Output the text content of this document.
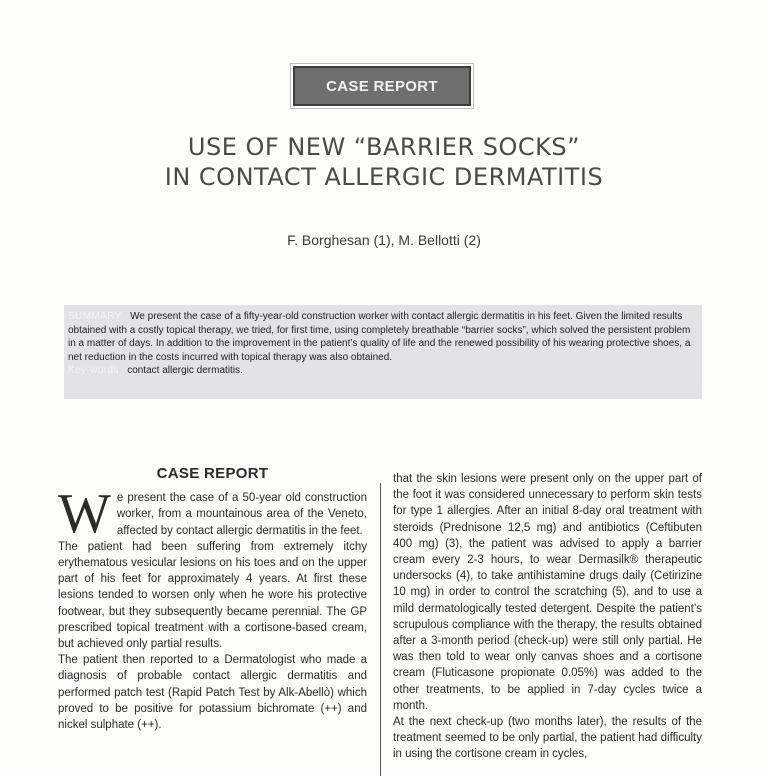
CASE REPORT
USE OF NEW “BARRIER SOCKS”
IN CONTACT ALLERGIC DERMATITIS
F. Borghesan (1), M. Bellotti (2)
SUMMARY We present the case of a fifty-year-old construction worker with contact allergic dermatitis in his feet. Given the limited results obtained with a costly topical therapy, we tried, for first time, using completely breathable “barrier socks”, which solved the persistent problem in a matter of days. In addition to the improvement in the patient’s quality of life and the renewed possibility of his wearing protective shoes, a net reduction in the costs incurred with topical therapy was also obtained.
Key-words contact allergic dermatitis.
CASE REPORT

We present the case of a 50-year old construction worker, from a mountainous area of the Veneto, affected by contact allergic dermatitis in the feet.

The patient had been suffering from extremely itchy erythematous vesicular lesions on his toes and on the upper part of his feet for approximately 4 years. At first these lesions tended to worsen only when he wore his protective footwear, but they subsequently became perennial. The GP prescribed topical treatment with a cortisone-based cream, but achieved only partial results.

The patient then reported to a Dermatologist who made a diagnosis of probable contact allergic dermatitis and performed patch test (Rapid Patch Test by Alk-Abellò) which proved to be positive for potassium bichromate (++) and nickel sulphate (++).

that the skin lesions were present only on the upper part of the foot it was considered unnecessary to perform skin tests for type 1 allergies. After an initial 8-day oral treatment with steroids (Prednisone 12,5 mg) and antibiotics (Ceftibuten 400 mg) (3), the patient was advised to apply a barrier cream every 2-3 hours, to wear Dermasilk® therapeutic undersocks (4), to take antihistamine drugs daily (Cetirizine 10 mg) in order to control the scratching (5), and to use a mild dermatologically tested detergent. Despite the patient’s scrupulous compliance with the therapy, the results obtained after a 3-month period (check-up) were still only partial. He was then told to wear only canvas shoes and a cortisone cream (Fluticasone propionate 0.05%) was added to the other treatments, to be applied in 7-day cycles twice a month.

At the next check-up (two months later), the results of the treatment seemed to be only partial, the patient had difficulty in using the cortisone cream in cycles,
